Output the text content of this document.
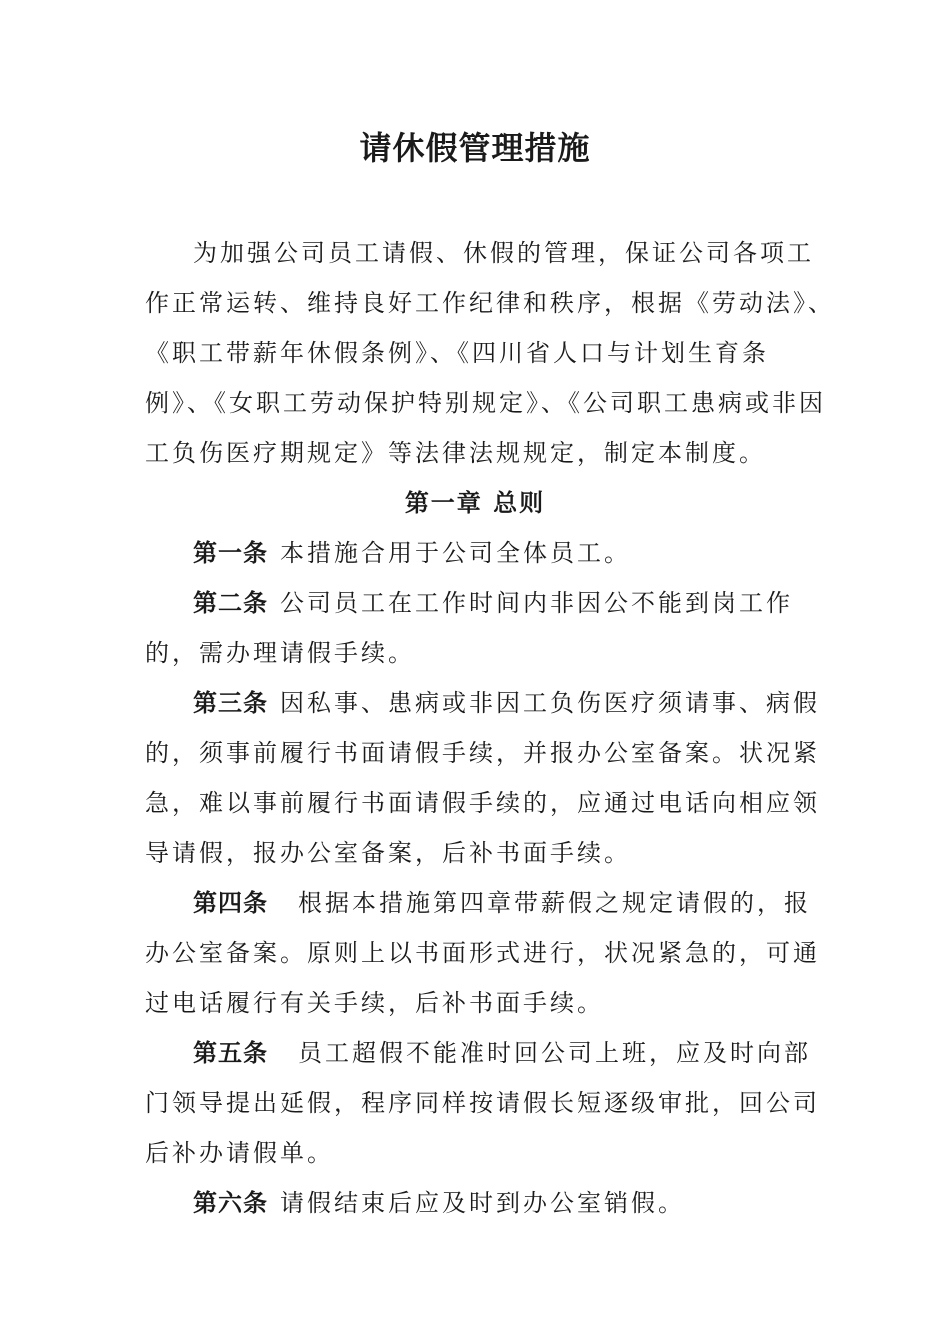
请休假管理措施

为加强公司员工请假、休假的管理，保证公司各项工作正常运转、维持良好工作纪律和秩序，根据《劳动法》、《职工带薪年休假条例》、《四川省人口与计划生育条例》、《女职工劳动保护特别规定》、《公司职工患病或非因工负伤医疗期规定》等法律法规规定，制定本制度。

第一章 总则

第一条 本措施合用于公司全体员工。

第二条 公司员工在工作时间内非因公不能到岗工作的，需办理请假手续。

第三条 因私事、患病或非因工负伤医疗须请事、病假的，须事前履行书面请假手续，并报办公室备案。状况紧急，难以事前履行书面请假手续的，应通过电话向相应领导请假，报办公室备案，后补书面手续。

第四条 根据本措施第四章带薪假之规定请假的，报办公室备案。原则上以书面形式进行，状况紧急的，可通过电话履行有关手续，后补书面手续。

第五条 员工超假不能准时回公司上班，应及时向部门领导提出延假，程序同样按请假长短逐级审批，回公司后补办请假单。

第六条 请假结束后应及时到办公室销假。
